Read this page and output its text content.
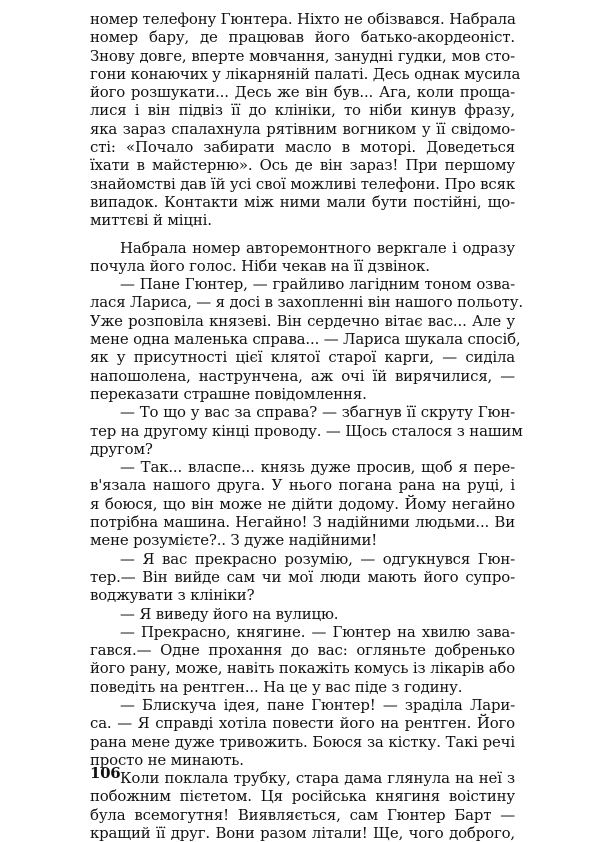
номер телефону Гюнтера. Ніхто не обізвався. Набрала
номер бару, де працював його батько-акордеоніст.
Знову довге, вперте мовчання, занудні гудки, мов сто-
гони конаючих у лікарняній палаті. Десь однак мусила
його розшукати... Десь же він був... Ага, коли проща-
лися і він підвіз її до клініки, то ніби кинув фразу,
яка зараз спалахнула рятівним вогником у її свідомо-
сті: «Почало забирати масло в моторі. Доведеться
їхати в майстерню». Ось де він зараз! При першому
знайомстві дав їй усі свої можливі телефони. Про всяк
випадок. Контакти між ними мали бути постійні, що-
миттєві й міцні.
Набрала номер авторемонтного веркгале і одразу
почула його голос. Ніби чекав на її дзвінок.
— Пане Гюнтер, — грайливо лагідним тоном озва-
лася Лариса, — я досі в захопленні він нашого польоту.
Уже розповіла князеві. Він сердечно вітає вас... Але у
мене одна маленька справа... — Лариса шукала спосіб,
як у присутності цієї клятої старої карги, — сиділа
напошолена, наструнчена, аж очі їй вирячилися, —
переказати страшне повідомлення.
— То що у вас за справа? — збагнув її скруту Гюн-
тер на другому кінці проводу. — Щось сталося з нашим
другом?
— Так... власпе... князь дуже просив, щоб я пере-
в'язала нашого друга. У нього погана рана на руці, і
я боюся, що він може не дійти додому. Йому негайно
потрібна машина. Негайно! З надійними людьми... Ви
мене розумієте?.. З дуже надійними!
— Я вас прекрасно розумію, — одгукнувся Гюн-
тер.— Він вийде сам чи мої люди мають його супро-
воджувати з клініки?
— Я виведу його на вулицю.
— Прекрасно, княгине. — Гюнтер на хвилю зава-
гався.— Одне прохання до вас: огляньте добренько
його рану, може, навіть покажіть комусь із лікарів або
поведіть на рентген... На це у вас піде з годину.
— Блискуча ідея, пане Гюнтер! — зраділа Лари-
са. — Я справді хотіла повести його на рентген. Його
рана мене дуже тривожить. Боюся за кістку. Такі речі
просто не минають.
Коли поклала трубку, стара дама глянула на неї з
побожним пієтетом. Ця російська княгиня воістину
була всемогутня! Виявляється, сам Гюнтер Барт —
кращий її друг. Вони разом літали! Ще, чого доброго,
106
